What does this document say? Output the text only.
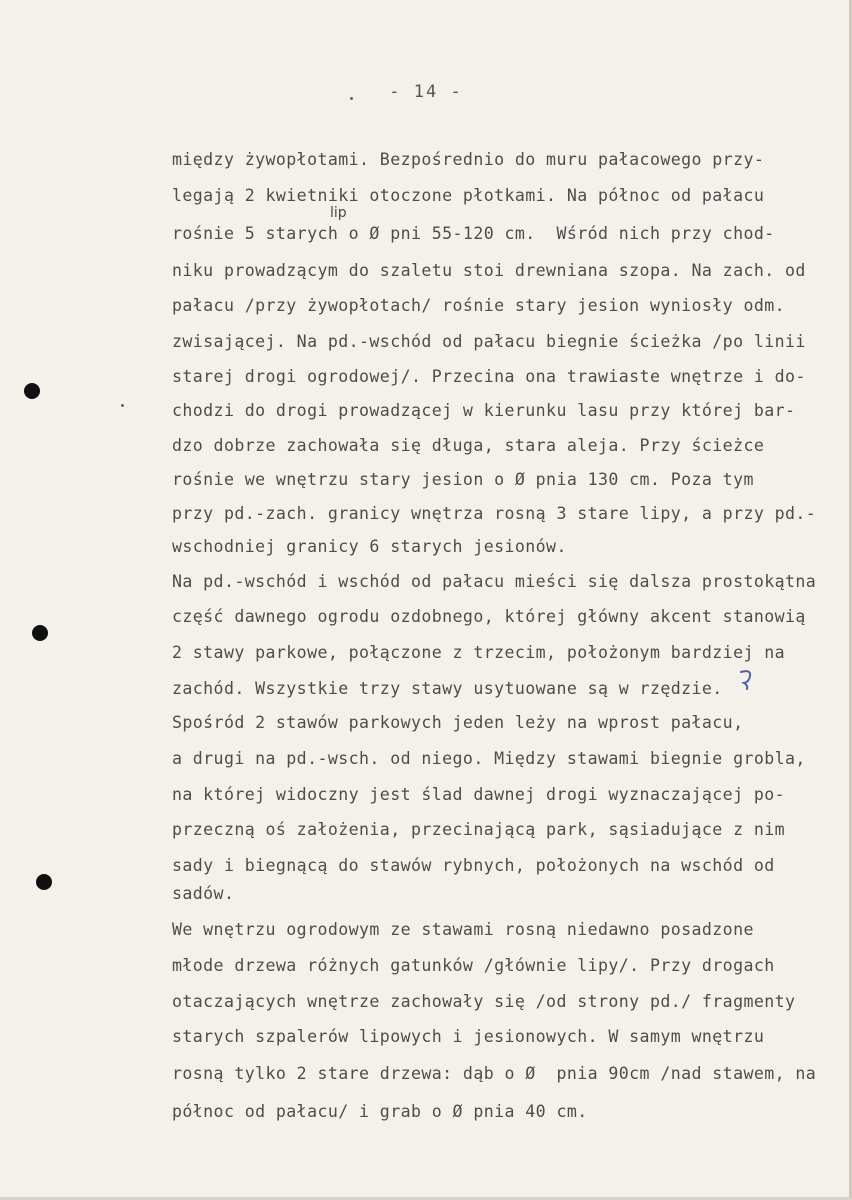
- 14 -
między żywopłotami. Bezpośrednio do muru pałacowego przy-
legają 2 kwietniki otoczone płotkami. Na północ od pałacu
rośnie 5 starych o Ø pni 55-120 cm.  Wśród nich przy chod-
niku prowadzącym do szaletu stoi drewniana szopa. Na zach. od
pałacu /przy żywopłotach/ rośnie stary jesion wyniosły odm.
zwisającej. Na pd.-wschód od pałacu biegnie ścieżka /po linii
starej drogi ogrodowej/. Przecina ona trawiaste wnętrze i do-
chodzi do drogi prowadzącej w kierunku lasu przy której bar-
dzo dobrze zachowała się długa, stara aleja. Przy ścieżce
rośnie we wnętrzu stary jesion o Ø pnia 130 cm. Poza tym
przy pd.-zach. granicy wnętrza rosną 3 stare lipy, a przy pd.-
wschodniej granicy 6 starych jesionów.
Na pd.-wschód i wschód od pałacu mieści się dalsza prostokątna
część dawnego ogrodu ozdobnego, której główny akcent stanowią
2 stawy parkowe, połączone z trzecim, położonym bardziej na
zachód. Wszystkie trzy stawy usytuowane są w rzędzie.
Spośród 2 stawów parkowych jeden leży na wprost pałacu,
a drugi na pd.-wsch. od niego. Między stawami biegnie grobla,
na której widoczny jest ślad dawnej drogi wyznaczającej po-
przeczną oś założenia, przecinającą park, sąsiadujące z nim
sady i biegnącą do stawów rybnych, położonych na wschód od
sadów.
We wnętrzu ogrodowym ze stawami rosną niedawno posadzone
młode drzewa różnych gatunków /głównie lipy/. Przy drogach
otaczających wnętrze zachowały się /od strony pd./ fragmenty
starych szpalerów lipowych i jesionowych. W samym wnętrzu
rosną tylko 2 stare drzewa: dąb o Ø  pnia 90cm /nad stawem, na
północ od pałacu/ i grab o Ø pnia 40 cm.
lip
